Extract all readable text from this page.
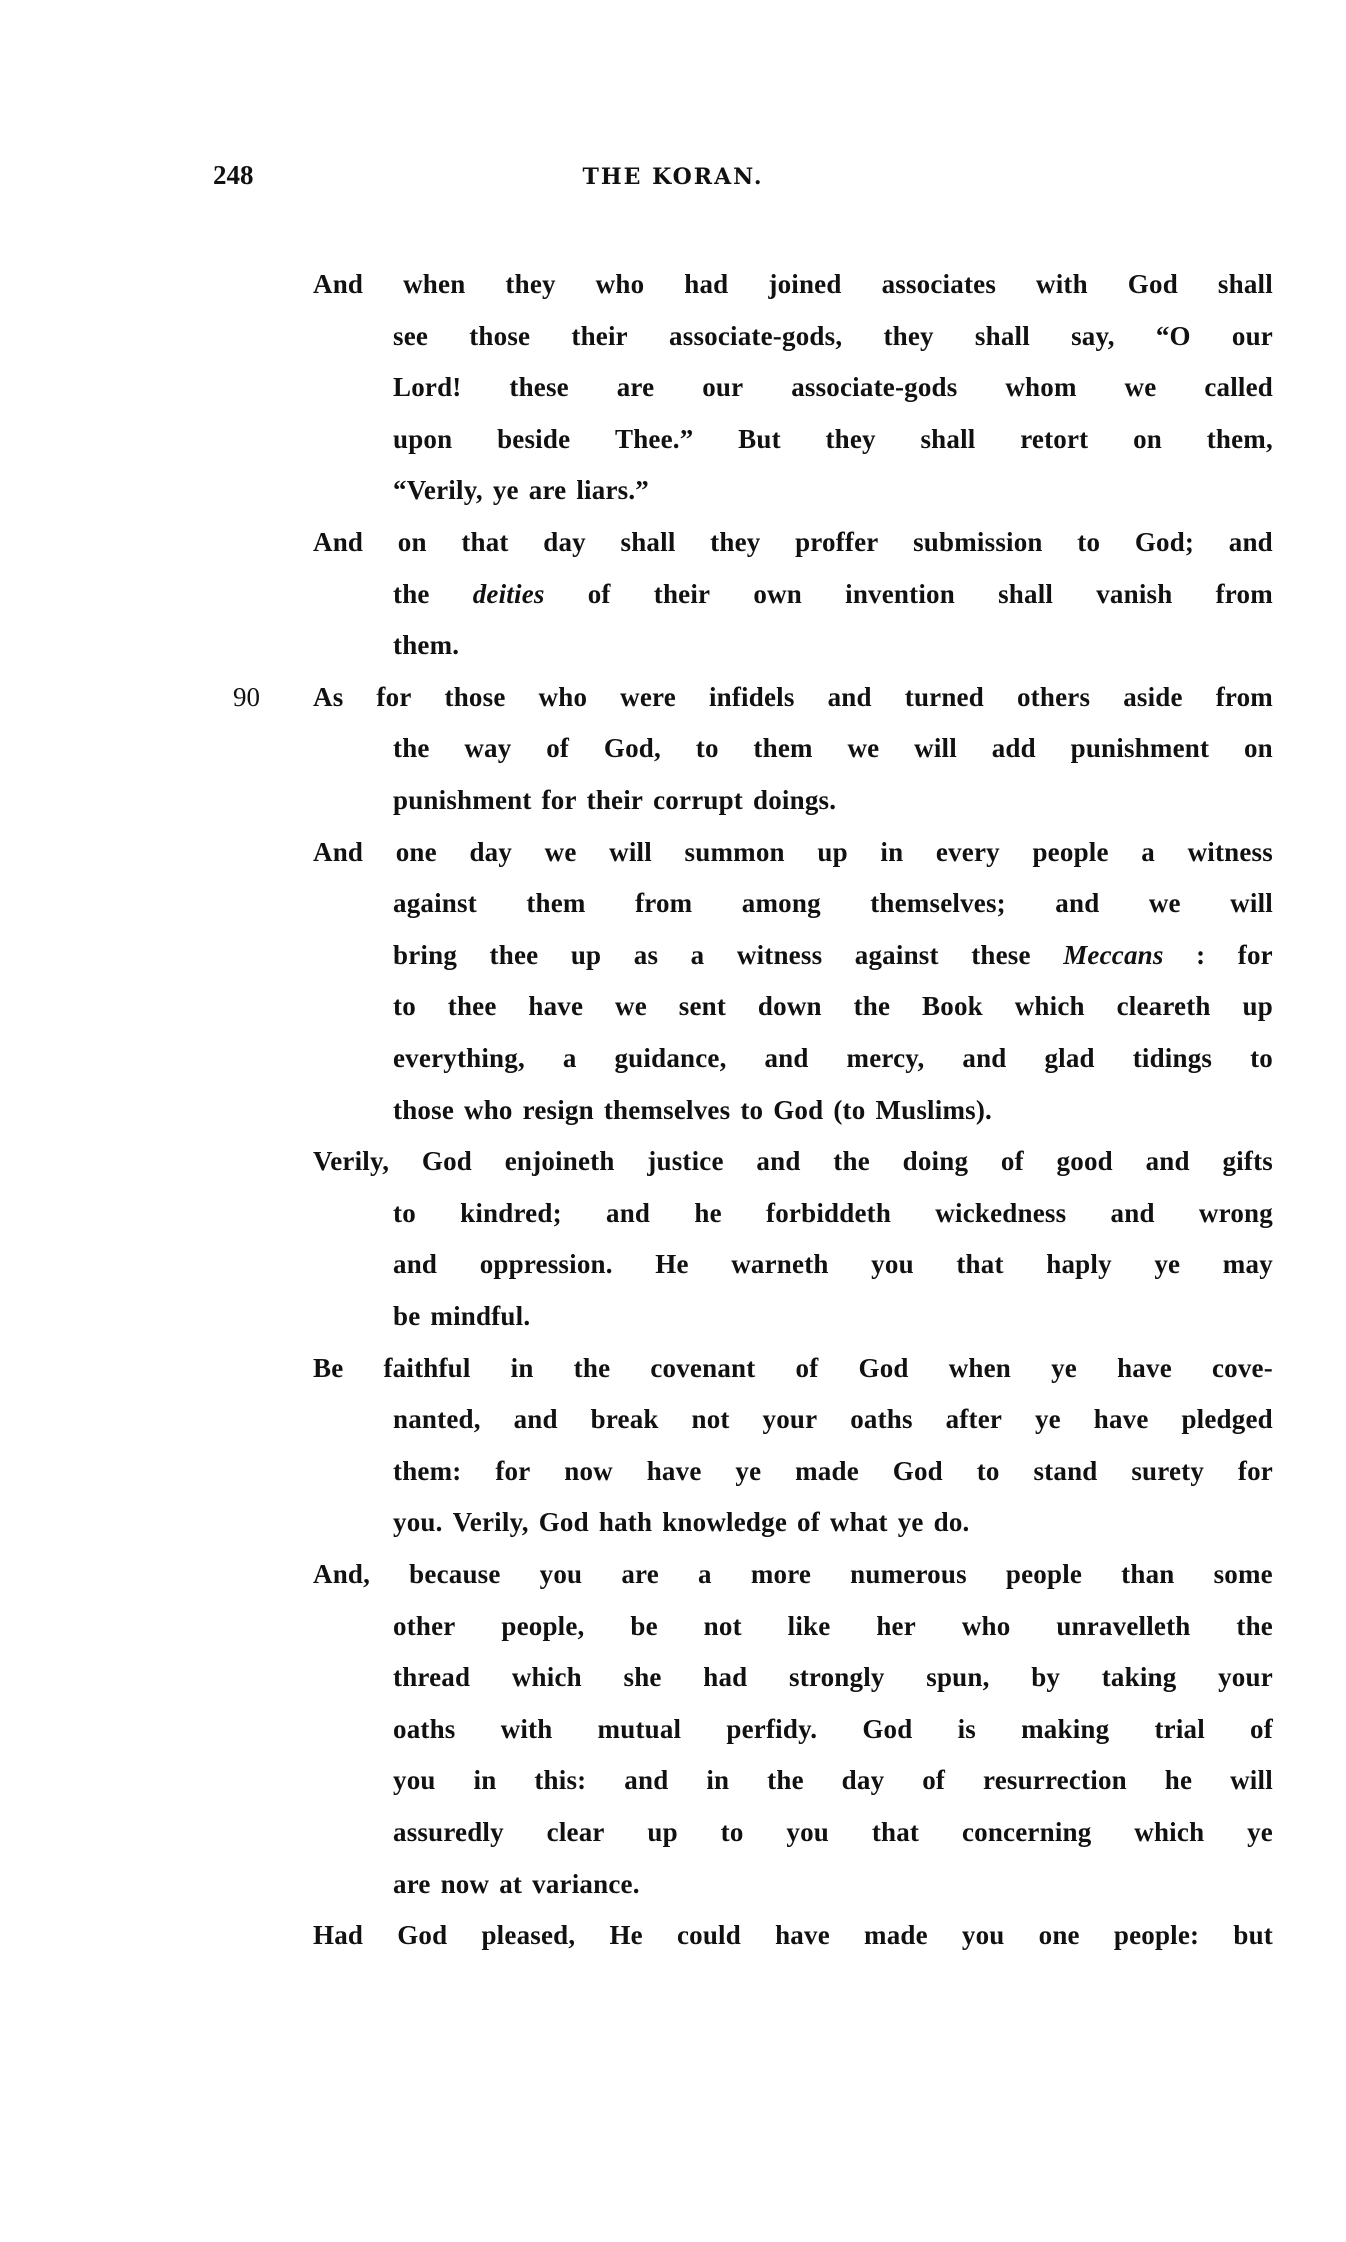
248	THE KORAN.
And when they who had joined associates with God shall
see those their associate-gods, they shall say, “O our
Lord! these are our associate-gods whom we called
upon beside Thee.” But they shall retort on them,
“Verily, ye are liars.”
And on that day shall they proffer submission to God; and
the deities of their own invention shall vanish from
them.
As for those who were infidels and turned others aside from
the way of God, to them we will add punishment on
punishment for their corrupt doings.
And one day we will summon up in every people a witness
against them from among themselves; and we will
bring thee up as a witness against these Meccans : for
to thee have we sent down the Book which cleareth up
everything, a guidance, and mercy, and glad tidings to
those who resign themselves to God (to Muslims).
Verily, God enjoineth justice and the doing of good and gifts
to kindred; and he forbiddeth wickedness and wrong
and oppression. He warneth you that haply ye may
be mindful.
Be faithful in the covenant of God when ye have cove-
nanted, and break not your oaths after ye have pledged
them: for now have ye made God to stand surety for
you. Verily, God hath knowledge of what ye do.
And, because you are a more numerous people than some
other people, be not like her who unravelleth the
thread which she had strongly spun, by taking your
oaths with mutual perfidy. God is making trial of
you in this: and in the day of resurrection he will
assuredly clear up to you that concerning which ye
are now at variance.
Had God pleased, He could have made you one people: but
90
